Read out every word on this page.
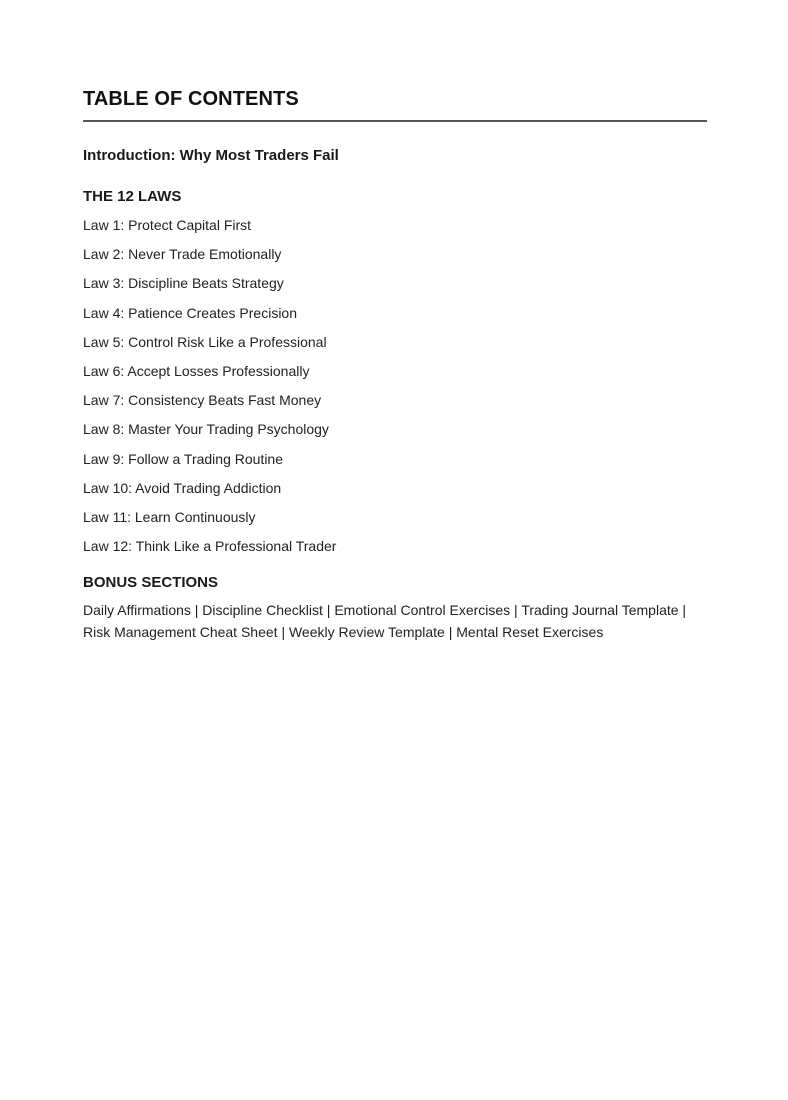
TABLE OF CONTENTS
Introduction: Why Most Traders Fail
THE 12 LAWS
Law 1: Protect Capital First
Law 2: Never Trade Emotionally
Law 3: Discipline Beats Strategy
Law 4: Patience Creates Precision
Law 5: Control Risk Like a Professional
Law 6: Accept Losses Professionally
Law 7: Consistency Beats Fast Money
Law 8: Master Your Trading Psychology
Law 9: Follow a Trading Routine
Law 10: Avoid Trading Addiction
Law 11: Learn Continuously
Law 12: Think Like a Professional Trader
BONUS SECTIONS
Daily Affirmations | Discipline Checklist | Emotional Control Exercises | Trading Journal Template | Risk Management Cheat Sheet | Weekly Review Template | Mental Reset Exercises
